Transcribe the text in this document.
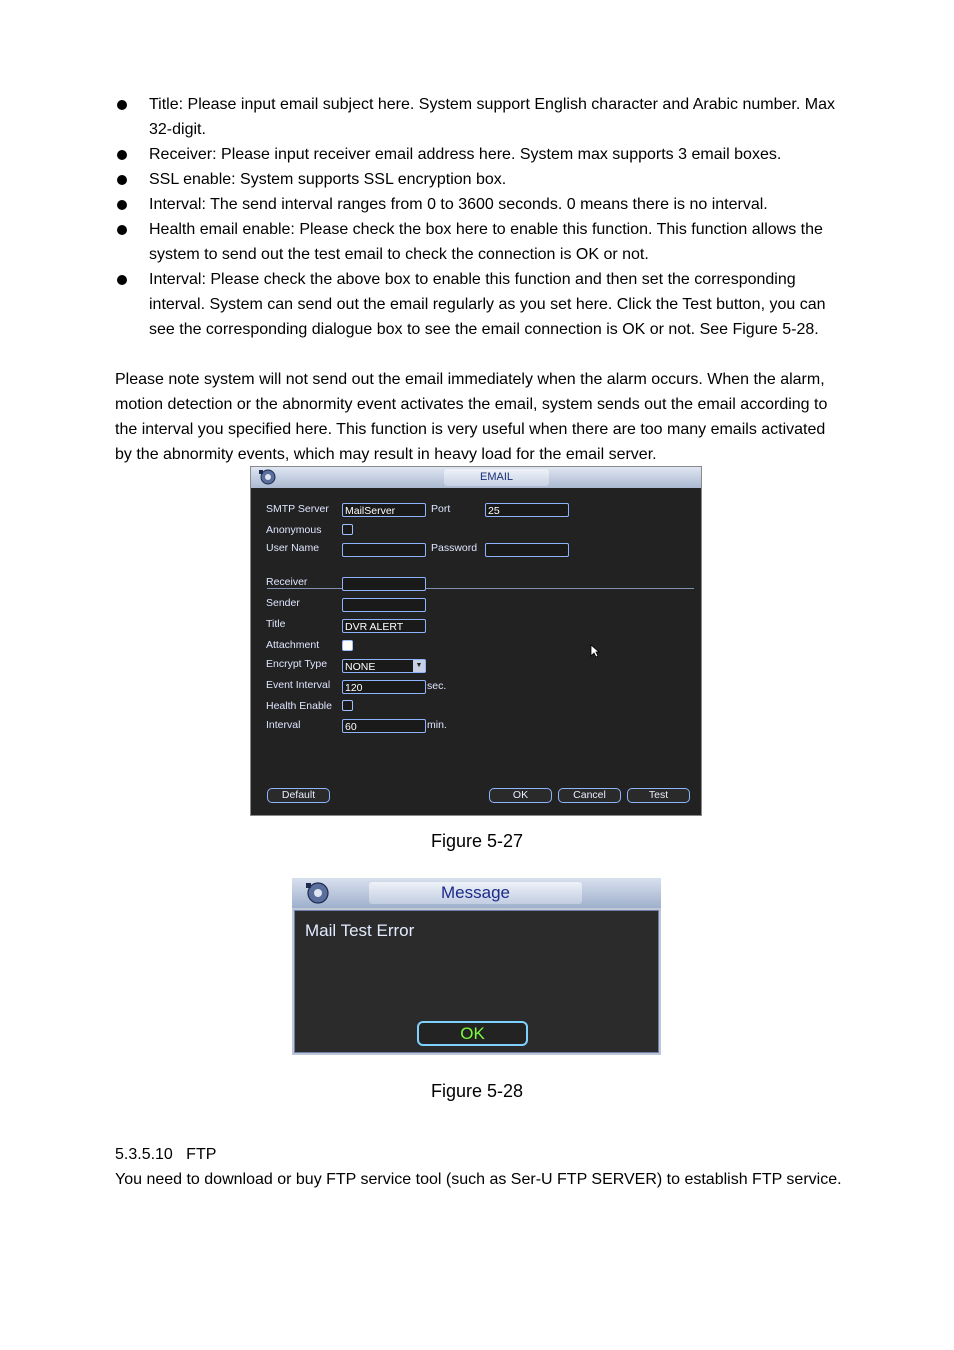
Title: Please input email subject here. System support English character and Arabic number. Max 32-digit.
Receiver: Please input receiver email address here. System max supports 3 email boxes.
SSL enable: System supports SSL encryption box.
Interval: The send interval ranges from 0 to 3600 seconds. 0 means there is no interval.
Health email enable: Please check the box here to enable this function. This function allows the system to send out the test email to check the connection is OK or not.
Interval: Please check the above box to enable this function and then set the corresponding interval. System can send out the email regularly as you set here. Click the Test button, you can see the corresponding dialogue box to see the email connection is OK or not. See Figure 5-28.

Please note system will not send out the email immediately when the alarm occurs. When the alarm, motion detection or the abnormity event activates the email, system sends out the email according to the interval you specified here. This function is very useful when there are too many emails activated by the abnormity events, which may result in heavy load for the email server.

EMAIL
SMTP Server MailServer	Port	25
Anonymous
User Name	Password
Receiver
Sender
Title	DVR ALERT
Attachment
Encrypt Type NONE	▼
Event Interval 120	sec.
Health Enable
Interval	60	min.
Default	OK	Cancel	Test
Figure 5-27
Message
Mail Test Error
OK
Figure 5-28
5.3.5.10 FTP

You need to download or buy FTP service tool (such as Ser-U FTP SERVER) to establish FTP service.
